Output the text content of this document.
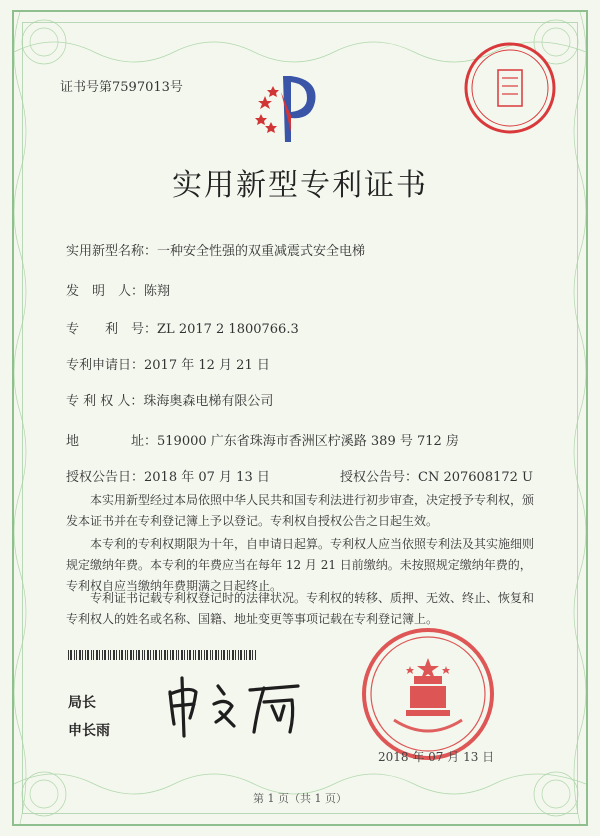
证书号第7597013号
实用新型专利证书
实用新型名称：一种安全性强的双重减震式安全电梯
发　明　人：陈翔
专　　利　号：ZL 2017 2 1800766.3
专利申请日：2017 年 12 月 21 日
专 利 权 人：珠海奥森电梯有限公司
地　　　　址：519000 广东省珠海市香洲区柠溪路 389 号 712 房
授权公告日：2018 年 07 月 13 日	授权公告号：CN 207608172 U
本实用新型经过本局依照中华人民共和国专利法进行初步审查，决定授予专利权，颁发本证书并在专利登记簿上予以登记。专利权自授权公告之日起生效。
本专利的专利权期限为十年，自申请日起算。专利权人应当依照专利法及其实施细则规定缴纳年费。本专利的年费应当在每年 12 月 21 日前缴纳。未按照规定缴纳年费的，专利权自应当缴纳年费期满之日起终止。
专利证书记载专利权登记时的法律状况。专利权的转移、质押、无效、终止、恢复和专利权人的姓名或名称、国籍、地址变更等事项记载在专利登记簿上。
局长
申长雨
2018 年 07 月 13 日
第 1 页（共 1 页）
